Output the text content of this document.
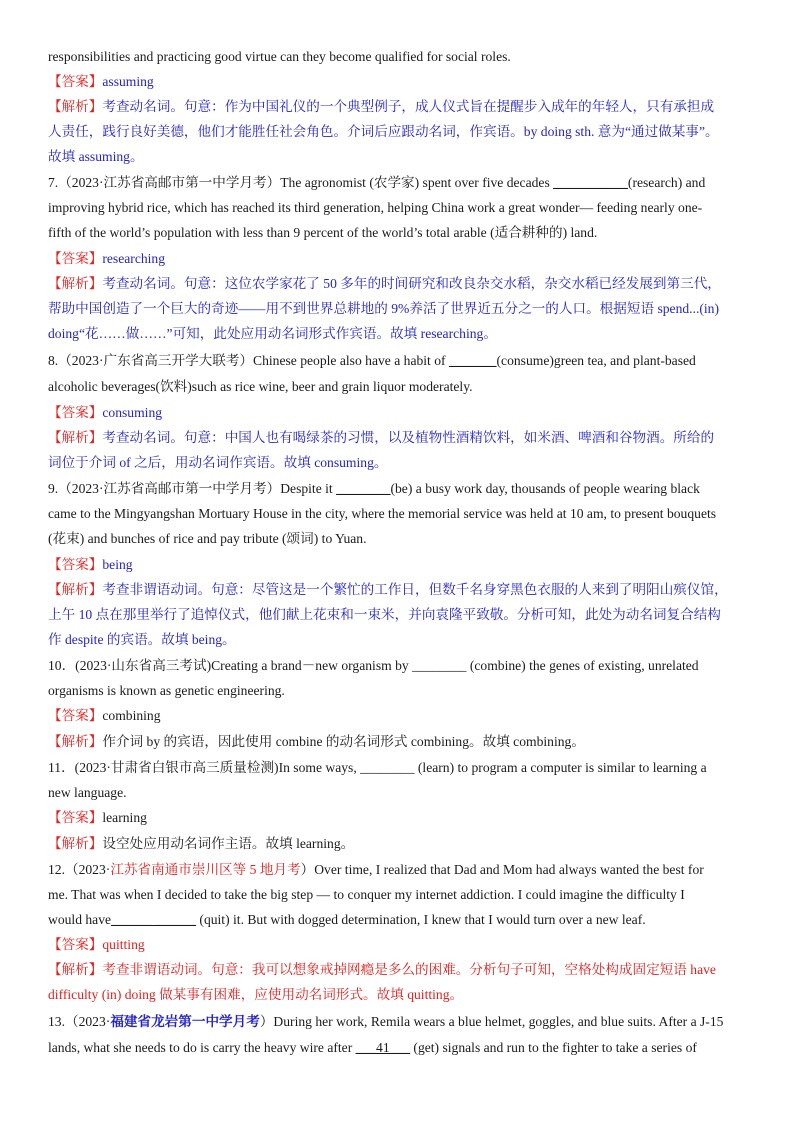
responsibilities and practicing good virtue can they become qualified for social roles.
【答案】assuming
【解析】考查动名词。句意：作为中国礼仪的一个典型例子，成人仪式旨在提醒步入成年的年轻人，只有承担成
人责任，践行良好美德，他们才能胜任社会角色。介词后应跟动名词，作宾语。by doing sth. 意为“通过做某事”。
故填 assuming。
7.（2023·江苏省高邮市第一中学月考）The agronomist (农学家) spent over five decades ___________(research) and
improving hybrid rice, which has reached its third generation, helping China work a great wonder— feeding nearly one-
fifth of the world’s population with less than 9 percent of the world’s total arable (适合耕种的) land.
【答案】researching
【解析】考查动名词。句意：这位农学家花了 50 多年的时间研究和改良杂交水稻，杂交水稻已经发展到第三代，
帮助中国创造了一个巨大的奇迹——用不到世界总耕地的 9%养活了世界近五分之一的人口。根据短语 spend...(in)
doing“花……做……”可知，此处应用动名词形式作宾语。故填 researching。
8.（2023·广东省高三开学大联考）Chinese people also have a habit of _______(consume)green tea, and plant-based
alcoholic beverages(饮料)such as rice wine, beer and grain liquor moderately.
【答案】consuming
【解析】考查动名词。句意：中国人也有喝绿茶的习惯，以及植物性酒精饮料，如米酒、啤酒和谷物酒。所给的
词位于介词 of 之后，用动名词作宾语。故填 consuming。
9.（2023·江苏省高邮市第一中学月考）Despite it ________(be) a busy work day, thousands of people wearing black
came to the Mingyangshan Mortuary House in the city, where the memorial service was held at 10 am, to present bouquets
(花束) and bunches of rice and pay tribute (颂词) to Yuan.
【答案】being
【解析】考查非谓语动词。句意：尽管这是一个繁忙的工作日，但数千名身穿黑色衣服的人来到了明阳山殡仪馆，
上午 10 点在那里举行了追悼仪式，他们献上花束和一束米，并向袁隆平致敬。分析可知，此处为动名词复合结构
作 despite 的宾语。故填 being。
10．(2023·山东省高三考试)Creating a brand－new organism by ________ (combine) the genes of existing, unrelated
organisms is known as genetic engineering.
【答案】combining
【解析】作介词 by 的宾语，因此使用 combine 的动名词形式 combining。故填 combining。
11．(2023·甘肃省白银市高三质量检测)In some ways, ________ (learn) to program a computer is similar to learning a
new language.
【答案】learning
【解析】设空处应用动名词作主语。故填 learning。
12.（2023·江苏省南通市崇川区等 5 地月考）Over time, I realized that Dad and Mom had always wanted the best for
me. That was when I decided to take the big step — to conquer my internet addiction. I could imagine the difficulty I
would have______ ______ (quit) it. But with dogged determination, I knew that I would turn over a new leaf.
【答案】quitting
【解析】考查非谓语动词。句意：我可以想象戒掉网瘾是多么的困难。分析句子可知，空格处构成固定短语 have
difficulty (in) doing 做某事有困难，应使用动名词形式。故填 quitting。
13.（2023·福建省龙岩第一中学月考）During her work, Remila wears a blue helmet, goggles, and blue suits. After a J-15
lands, what she needs to do is carry the heavy wire after ___41___ (get) signals and run to the fighter to take a series of
